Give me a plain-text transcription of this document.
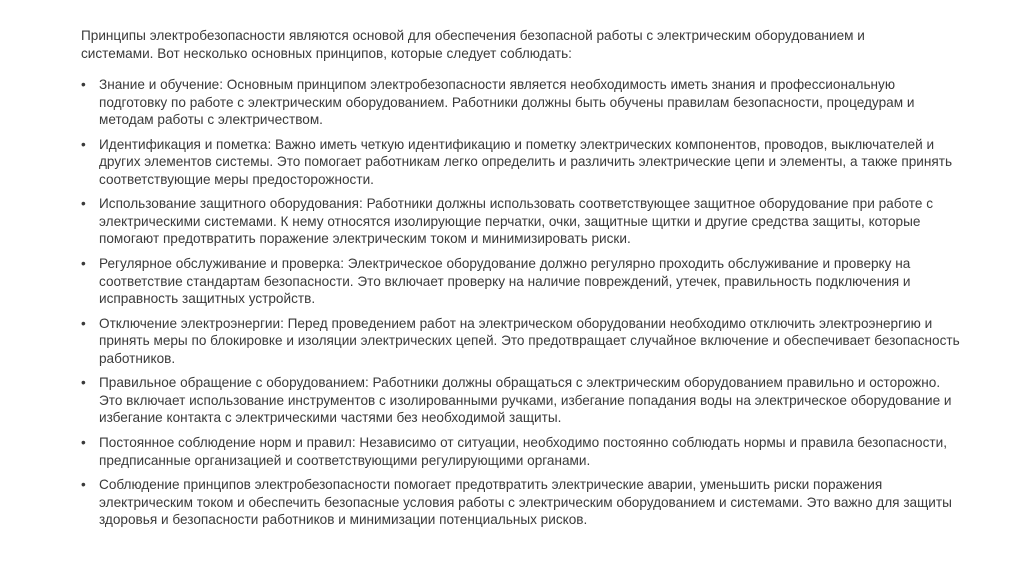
Принципы электробезопасности являются основой для обеспечения безопасной работы с электрическим оборудованием и системами. Вот несколько основных принципов, которые следует соблюдать:

• Знание и обучение: Основным принципом электробезопасности является необходимость иметь знания и профессиональную подготовку по работе с электрическим оборудованием. Работники должны быть обучены правилам безопасности, процедурам и методам работы с электричеством.
• Идентификация и пометка: Важно иметь четкую идентификацию и пометку электрических компонентов, проводов, выключателей и других элементов системы. Это помогает работникам легко определить и различить электрические цепи и элементы, а также принять соответствующие меры предосторожности.
• Использование защитного оборудования: Работники должны использовать соответствующее защитное оборудование при работе с электрическими системами. К нему относятся изолирующие перчатки, очки, защитные щитки и другие средства защиты, которые помогают предотвратить поражение электрическим током и минимизировать риски.
• Регулярное обслуживание и проверка: Электрическое оборудование должно регулярно проходить обслуживание и проверку на соответствие стандартам безопасности. Это включает проверку на наличие повреждений, утечек, правильность подключения и исправность защитных устройств.
• Отключение электроэнергии: Перед проведением работ на электрическом оборудовании необходимо отключить электроэнергию и принять меры по блокировке и изоляции электрических цепей. Это предотвращает случайное включение и обеспечивает безопасность работников.
• Правильное обращение с оборудованием: Работники должны обращаться с электрическим оборудованием правильно и осторожно. Это включает использование инструментов с изолированными ручками, избегание попадания воды на электрическое оборудование и избегание контакта с электрическими частями без необходимой защиты.
• Постоянное соблюдение норм и правил: Независимо от ситуации, необходимо постоянно соблюдать нормы и правила безопасности, предписанные организацией и соответствующими регулирующими органами.
• Соблюдение принципов электробезопасности помогает предотвратить электрические аварии, уменьшить риски поражения электрическим током и обеспечить безопасные условия работы с электрическим оборудованием и системами. Это важно для защиты здоровья и безопасности работников и минимизации потенциальных рисков.
